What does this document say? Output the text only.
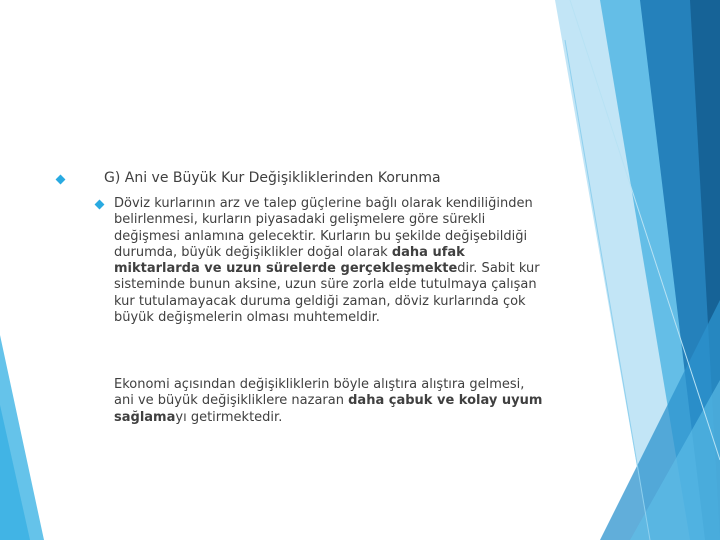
G) Ani ve Büyük Kur Değişikliklerinden Korunma
Döviz kurlarının arz ve talep güçlerine bağlı olarak kendiliğinden belirlenmesi, kurların piyasadaki gelişmelere göre sürekli değişmesi anlamına gelecektir. Kurların bu şekilde değişebildiği durumda, büyük değişiklikler doğal olarak daha ufak miktarlarda ve uzun sürelerde gerçekleşmektedir. Sabit kur sisteminde bunun aksine, uzun süre zorla elde tutulmaya çalışan kur tutulamayacak duruma geldiği zaman, döviz kurlarında çok büyük değişmelerin olması muhtemeldir.
Ekonomi açısından değişikliklerin böyle alıştıra alıştıra gelmesi, ani ve büyük değişikliklere nazaran daha çabuk ve kolay uyum sağlamayı getirmektedir.
